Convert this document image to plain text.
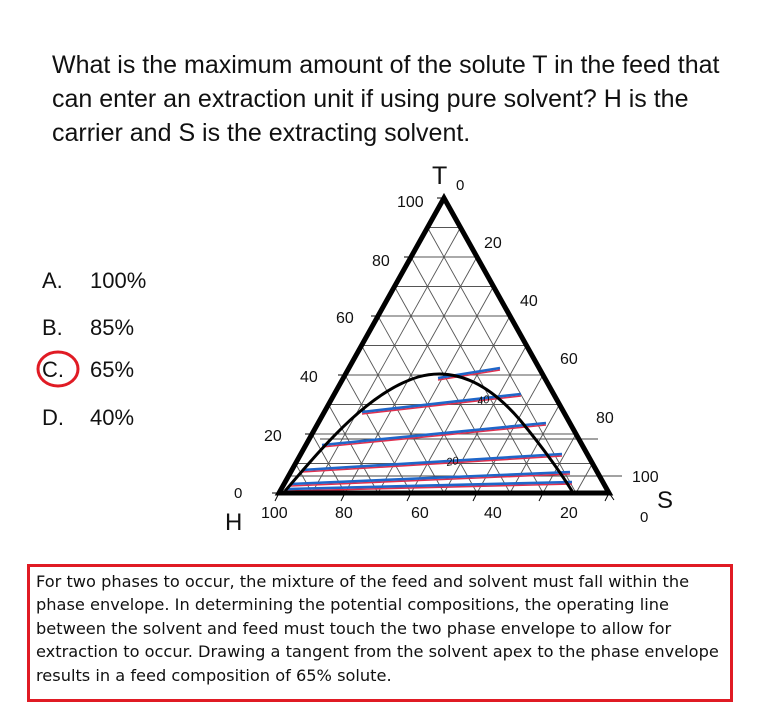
What is the maximum amount of the solute T in the feed that can enter an extraction unit if using pure solvent? H is the carrier and S is the extracting solvent.
A.	100%
B.	85%
C.	65%
D.	40%
T 0
H
0	S
0
100
80
60
40
20
20
40
60
80
100
100	80	60	40	20
40
20
For two phases to occur, the mixture of the feed and solvent must fall within the phase envelope. In determining the potential compositions, the operating line between the solvent and feed must touch the two phase envelope to allow for extraction to occur. Drawing a tangent from the solvent apex to the phase envelope results in a feed composition of 65% solute.
